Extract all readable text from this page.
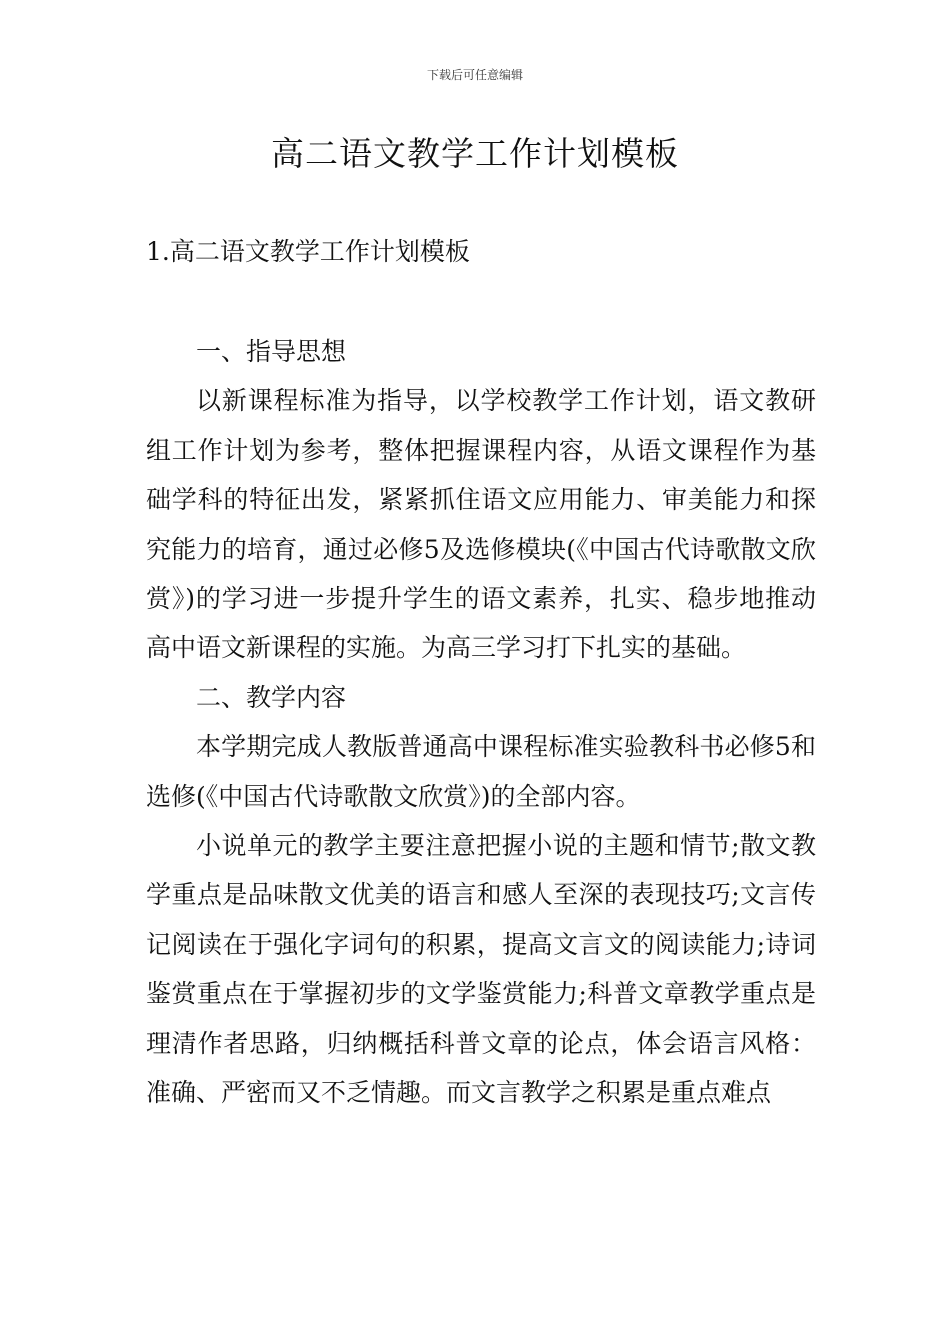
下载后可任意编辑
高二语文教学工作计划模板
1.高二语文教学工作计划模板

一、指导思想

以新课程标准为指导，以学校教学工作计划，语文教研组工作计划为参考，整体把握课程内容，从语文课程作为基础学科的特征出发，紧紧抓住语文应用能力、审美能力和探究能力的培育，通过必修5及选修模块(《中国古代诗歌散文欣赏》)的学习进一步提升学生的语文素养，扎实、稳步地推动高中语文新课程的实施。为高三学习打下扎实的基础。

二、教学内容

本学期完成人教版普通高中课程标准实验教科书必修5和选修(《中国古代诗歌散文欣赏》)的全部内容。

小说单元的教学主要注意把握小说的主题和情节;散文教学重点是品味散文优美的语言和感人至深的表现技巧;文言传记阅读在于强化字词句的积累，提高文言文的阅读能力;诗词鉴赏重点在于掌握初步的文学鉴赏能力;科普文章教学重点是理清作者思路，归纳概括科普文章的论点，体会语言风格：准确、严密而又不乏情趣。而文言教学之积累是重点难点
